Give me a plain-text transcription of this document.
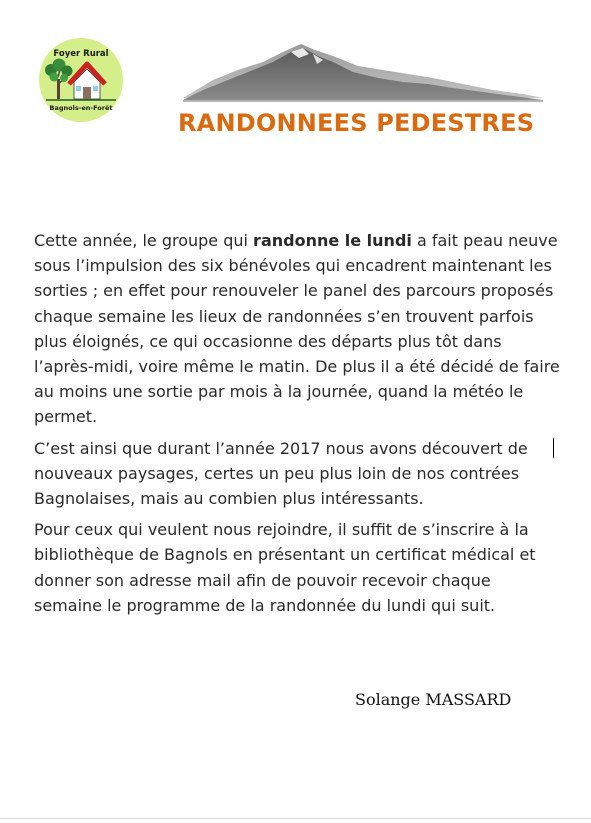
Foyer Rural
Bagnols-en-Forêt
RANDONNEES PEDESTRES

Cette année, le groupe qui randonne le lundi a fait peau neuve sous l’impulsion des six bénévoles qui encadrent maintenant les sorties ; en effet pour renouveler le panel des parcours proposés chaque semaine les lieux de randonnées s’en trouvent parfois plus éloignés, ce qui occasionne des départs plus tôt dans l’après-midi, voire même le matin. De plus il a été décidé de faire au moins une sortie par mois à la journée, quand la météo le permet.

C’est ainsi que durant l’année 2017 nous avons découvert de nouveaux paysages, certes un peu plus loin de nos contrées Bagnolaises, mais au combien plus intéressants.

Pour ceux qui veulent nous rejoindre, il suffit de s’inscrire à la bibliothèque de Bagnols en présentant un certificat médical et donner son adresse mail afin de pouvoir recevoir chaque semaine le programme de la randonnée du lundi qui suit.

Solange MASSARD
